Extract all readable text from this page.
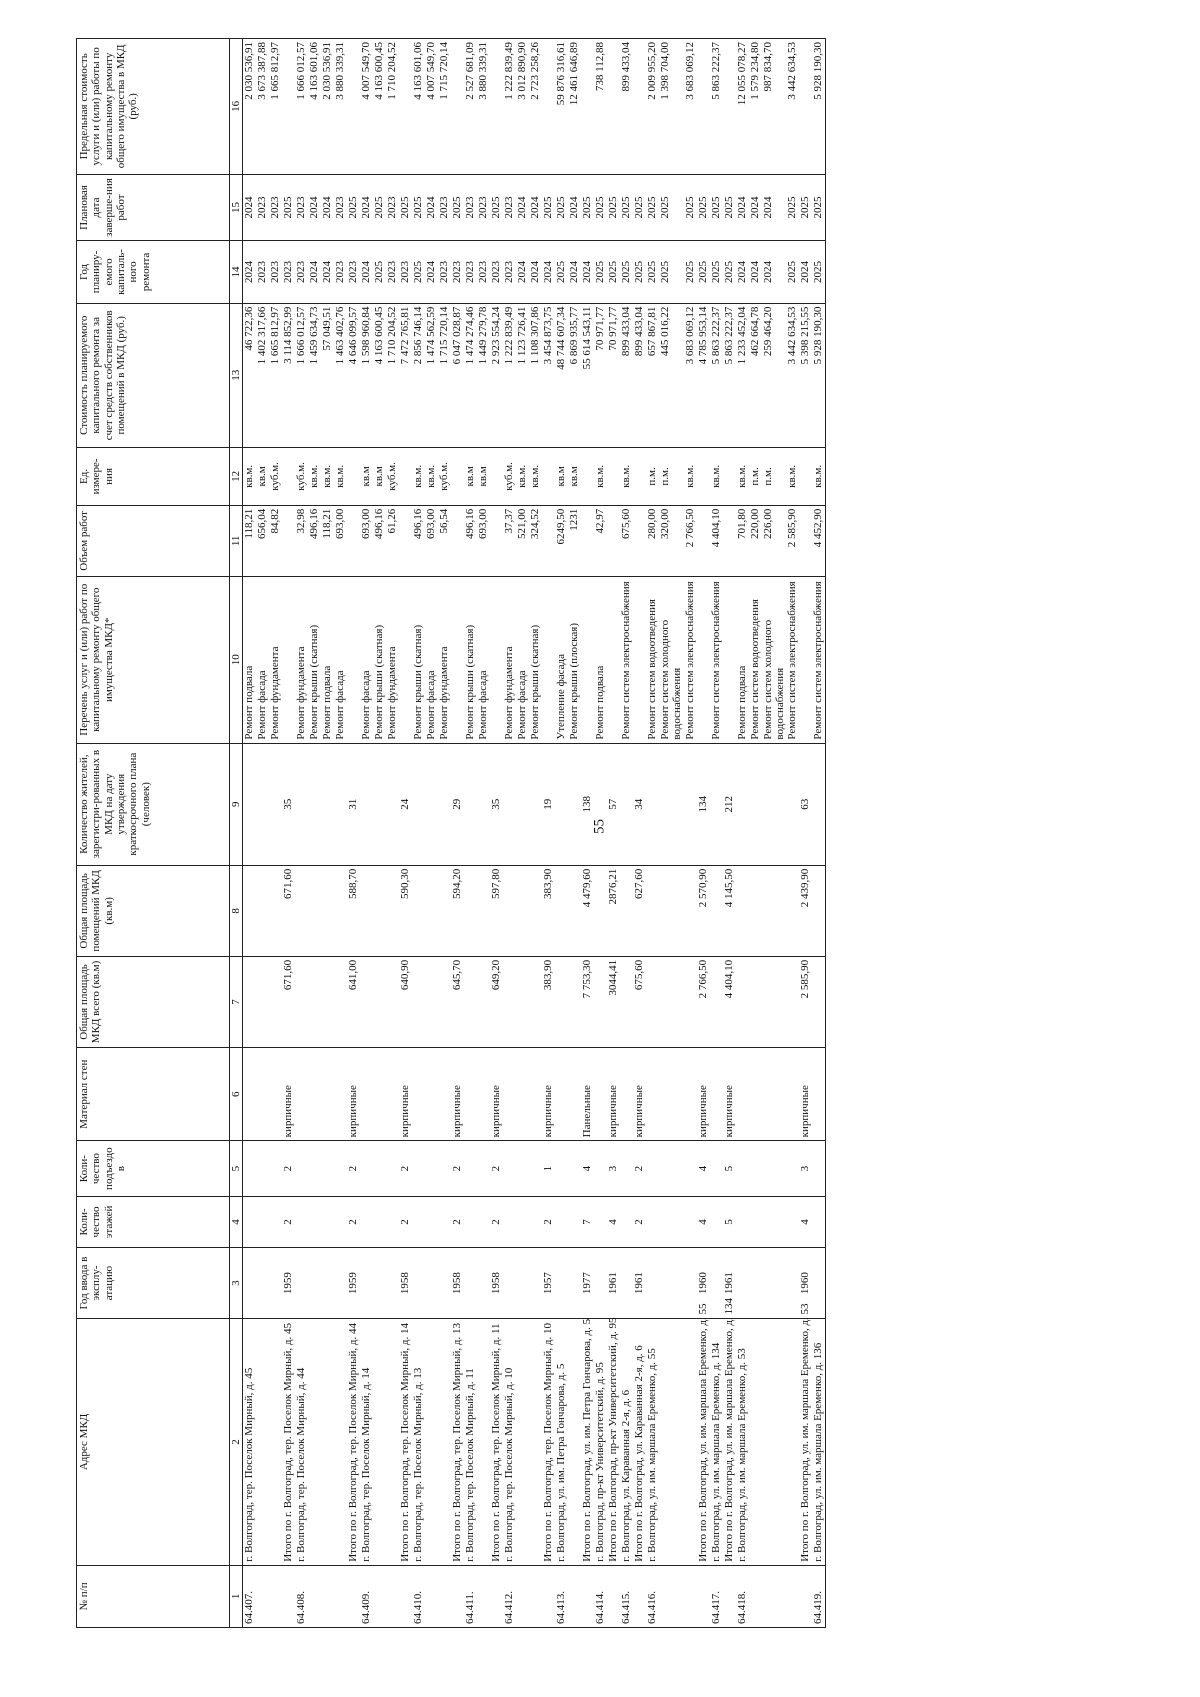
55
№ п/п	Адрес МКД	Год ввода в эксплу-атацию	Коли-чество этажей	Коли-чество подъездо в	Материал стен	Общая площадь МКД всего (кв.м)	Общая площадь помещений МКД (кв.м)	Количество жителей, зарегистри-рованных в МКД на дату утверждения краткосрочного плана (человек)	Перечень услуг и (или) работ по капитальному ремонту общего имущества МКД*	Объем работ	Ед. измере-ния	Стоимость планируемого капитального ремонта за счет средств собственников помещений в МКД (руб.)	Год планиру-емого капиталь-ного ремонта	Плановая дата заверше-ния работ	Предельная стоимость услуги и (или) работы по капитальному ремонту общего имущества в МКД (руб.)
1	2	3	4	5	6	7	8	9	10	11	12	13	14	15	16
64.407.	г. Волгоград, тер. Поселок Мирный, д. 45								Ремонт подвала	118,21	кв.м.	46 722,36	2024	2024	2 030 536,91
									Ремонт фасада	656,04	кв.м	1 402 317,66	2023	2023	3 673 387,88
									Ремонт фундамента	84,82	куб.м.	1 665 812,97	2023	2023	1 665 812,97
	Итого по г. Волгоград, тер. Поселок Мирный, д. 45	1959	2	2	кирпичные	671,60	671,60	35				3 114 852,99	2023	2025	
64.408.	г. Волгоград, тер. Поселок Мирный, д. 44								Ремонт фундамента	32,98	куб.м.	1 666 012,57	2023	2023	1 666 012,57
									Ремонт крыши (скатная)	496,16	кв.м.	1 459 634,73	2024	2024	4 163 601,06
									Ремонт подвала	118,21	кв.м.	57 049,51	2024	2024	2 030 536,91
									Ремонт фасада	693,00	кв.м.	1 463 402,76	2023	2023	3 880 339,31
	Итого по г. Волгоград, тер. Поселок Мирный, д. 44	1959	2	2	кирпичные	641,00	588,70	31				4 646 099,57	2023	2025	
64.409.	г. Волгоград, тер. Поселок Мирный, д. 14								Ремонт фасада	693,00	кв.м	1 598 960,84	2024	2024	4 007 549,70
									Ремонт крыши (скатная)	496,16	кв.м	4 163 600,45	2025	2025	4 163 600,45
									Ремонт фундамента	61,26	куб.м.	1 710 204,52	2023	2023	1 710 204,52
	Итого по г. Волгоград, тер. Поселок Мирный, д. 14	1958	2	2	кирпичные	640,90	590,30	24				7 472 765,81	2023	2025	
64.410.	г. Волгоград, тер. Поселок Мирный, д. 13								Ремонт крыши (скатная)	496,16	кв.м.	2 856 746,14	2025	2025	4 163 601,06
									Ремонт фасада	693,00	кв.м.	1 474 562,59	2024	2024	4 007 549,70
									Ремонт фундамента	56,54	куб.м.	1 715 720,14	2023	2023	1 715 720,14
	Итого по г. Волгоград, тер. Поселок Мирный, д. 13	1958	2	2	кирпичные	645,70	594,20	29				6 047 028,87	2023	2025	
64.411.	г. Волгоград, тер. Поселок Мирный, д. 11								Ремонт крыши (скатная)	496,16	кв.м	1 474 274,46	2023	2023	2 527 681,09
									Ремонт фасада	693,00	кв.м	1 449 279,78	2023	2023	3 880 339,31
	Итого по г. Волгоград, тер. Поселок Мирный, д. 11	1958	2	2	кирпичные	649,20	597,80	35				2 923 554,24	2023	2025	
64.412.	г. Волгоград, тер. Поселок Мирный, д. 10								Ремонт фундамента	37,37	куб.м.	1 222 839,49	2023	2023	1 222 839,49
									Ремонт фасада	521,00	кв.м.	1 123 726,41	2024	2024	3 012 890,90
									Ремонт крыши (скатная)	324,52	кв.м.	1 108 307,86	2024	2024	2 723 258,26
	Итого по г. Волгоград, тер. Поселок Мирный, д. 10	1957	2	1	кирпичные	383,90	383,90	19				3 454 873,75	2024	2025	
64.413.	г. Волгоград, ул. им. Петра Гончарова, д. 5								Утепление фасада	6249,50	кв.м	48 744 607,34	2025	2025	59 876 316,61
									Ремонт крыши (плоская)	1231	кв.м	6 869 935,77	2024	2024	12 461 646,89
	Итого по г. Волгоград, ул. им. Петра Гончарова, д. 5	1977	7	4	Панельные	7 753,30	4 479,60	138				55 614 543,11	2024	2025	
64.414.	г. Волгоград, пр-кт Университетский, д. 95								Ремонт подвала	42,97	кв.м.	70 971,77	2025	2025	738 112,88
	Итого по г. Волгоград, пр-кт Университетский, д. 95	1961	4	3	кирпичные	3044,41	2876,21	57				70 971,77	2025	2025	
64.415.	г. Волгоград, ул. Караванная 2-я, д. 6								Ремонт систем электроснабжения	675,60	кв.м.	899 433,04	2025	2025	899 433,04
	Итого по г. Волгоград, ул. Караванная 2-я, д. 6	1961	2	2	кирпичные	675,60	627,60	34				899 433,04	2025	2025	
64.416.	г. Волгоград, ул. им. маршала Еременко, д. 55								Ремонт систем водоотведения	280,00	п.м.	657 867,81	2025	2025	2 009 955,20
									Ремонт систем холодного водоснабжения	320,00	п.м.	445 016,22	2025	2025	1 398 704,00
									Ремонт систем электроснабжения	2 766,50	кв.м.	3 683 069,12	2025	2025	3 683 069,12
	Итого по г. Волгоград, ул. им. маршала Еременко, д. 55	1960	4	4	кирпичные	2 766,50	2 570,90	134				4 785 953,14	2025	2025	
64.417.	г. Волгоград, ул. им. маршала Еременко, д. 134								Ремонт систем электроснабжения	4 404,10	кв.м.	5 863 222,37	2025	2025	5 863 222,37
	Итого по г. Волгоград, ул. им. маршала Еременко, д. 134	1961	5	5	кирпичные	4 404,10	4 145,50	212				5 863 222,37	2025	2025	
64.418.	г. Волгоград, ул. им. маршала Еременко, д. 53								Ремонт подвала	701,80	кв.м.	1 233 452,04	2024	2024	12 055 078,27
									Ремонт систем водоотведения	220,00	п.м.	462 664,78	2024	2024	1 579 234,80
									Ремонт систем холодного водоснабжения	226,00	п.м.	259 464,20	2024	2024	987 834,70
									Ремонт систем электроснабжения	2 585,90	кв.м.	3 442 634,53	2025	2025	3 442 634,53
	Итого по г. Волгоград, ул. им. маршала Еременко, д. 53	1960	4	3	кирпичные	2 585,90	2 439,90	63				5 398 215,55	2024	2025	
64.419.	г. Волгоград, ул. им. маршала Еременко, д. 136								Ремонт систем электроснабжения	4 452,90	кв.м.	5 928 190,30	2025	2025	5 928 190,30
